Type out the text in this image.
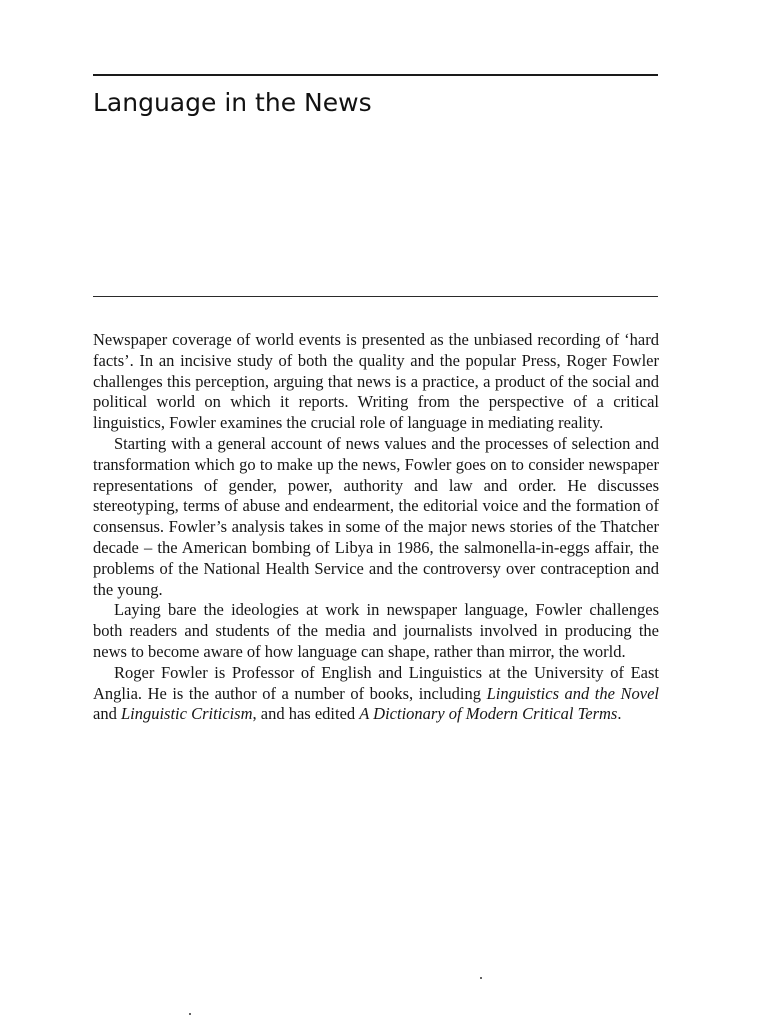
Language in the News

Newspaper coverage of world events is presented as the unbiased recording of ‘hard facts’. In an incisive study of both the quality and the popular Press, Roger Fowler challenges this perception, arguing that news is a practice, a product of the social and political world on which it reports. Writing from the perspective of a critical linguistics, Fowler examines the crucial role of language in mediating reality.

Starting with a general account of news values and the processes of selection and transformation which go to make up the news, Fowler goes on to consider newspaper representations of gender, power, authority and law and order. He discusses stereotyping, terms of abuse and endearment, the editorial voice and the formation of consensus. Fowler’s analysis takes in some of the major news stories of the Thatcher decade – the American bombing of Libya in 1986, the salmonella-in-eggs affair, the problems of the National Health Service and the controversy over contraception and the young.

Laying bare the ideologies at work in newspaper language, Fowler challenges both readers and students of the media and journalists involved in producing the news to become aware of how language can shape, rather than mirror, the world.

Roger Fowler is Professor of English and Linguistics at the University of East Anglia. He is the author of a number of books, including Linguistics and the Novel and Linguistic Criticism, and has edited A Dictionary of Modern Critical Terms.
